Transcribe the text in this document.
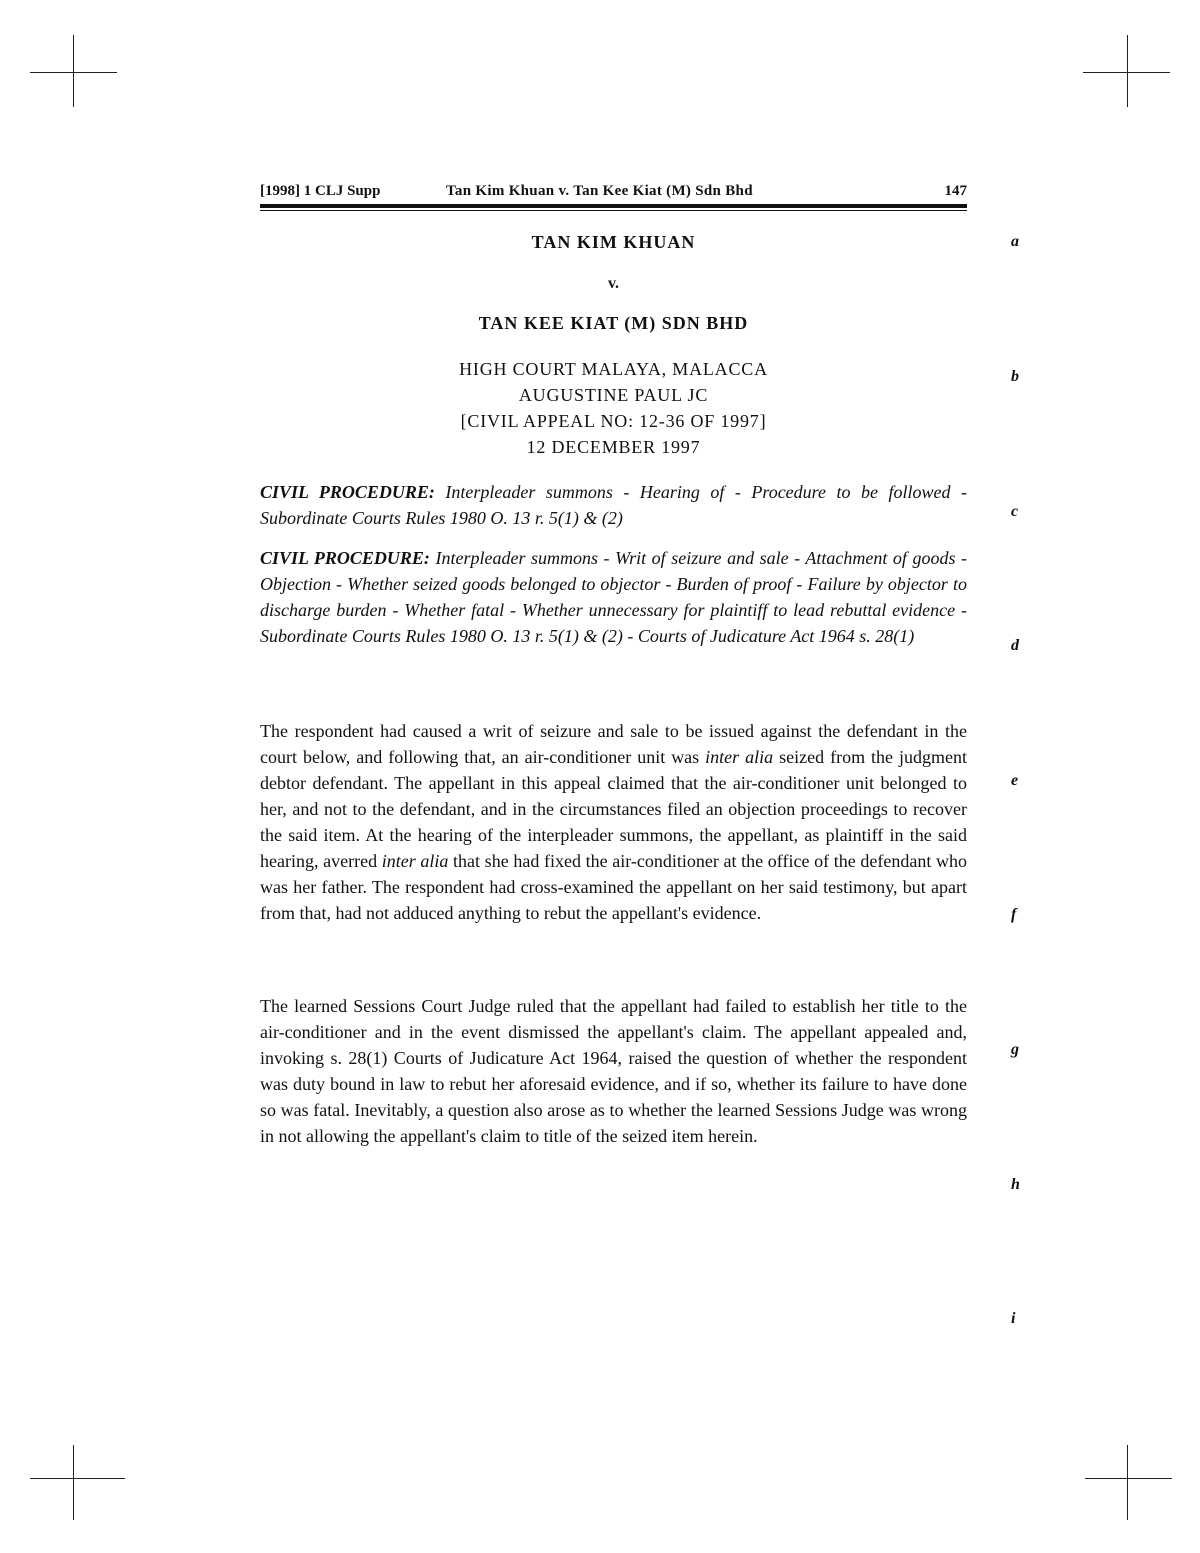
[1998] 1 CLJ Supp	Tan Kim Khuan v. Tan Kee Kiat (M) Sdn Bhd	147
TAN KIM KHUAN
v.
TAN KEE KIAT (M) SDN BHD
HIGH COURT MALAYA, MALACCA
AUGUSTINE PAUL JC
[CIVIL APPEAL NO: 12-36 OF 1997]
12 DECEMBER 1997
CIVIL PROCEDURE: Interpleader summons - Hearing of - Procedure to be followed - Subordinate Courts Rules 1980 O. 13 r. 5(1) & (2)
CIVIL PROCEDURE: Interpleader summons - Writ of seizure and sale - Attachment of goods - Objection - Whether seized goods belonged to objector - Burden of proof - Failure by objector to discharge burden - Whether fatal - Whether unnecessary for plaintiff to lead rebuttal evidence - Subordinate Courts Rules 1980 O. 13 r. 5(1) & (2) - Courts of Judicature Act 1964 s. 28(1)
The respondent had caused a writ of seizure and sale to be issued against the defendant in the court below, and following that, an air-conditioner unit was inter alia seized from the judgment debtor defendant. The appellant in this appeal claimed that the air-conditioner unit belonged to her, and not to the defendant, and in the circumstances filed an objection proceedings to recover the said item. At the hearing of the interpleader summons, the appellant, as plaintiff in the said hearing, averred inter alia that she had fixed the air-conditioner at the office of the defendant who was her father. The respondent had cross-examined the appellant on her said testimony, but apart from that, had not adduced anything to rebut the appellant's evidence.
The learned Sessions Court Judge ruled that the appellant had failed to establish her title to the air-conditioner and in the event dismissed the appellant's claim. The appellant appealed and, invoking s. 28(1) Courts of Judicature Act 1964, raised the question of whether the respondent was duty bound in law to rebut her aforesaid evidence, and if so, whether its failure to have done so was fatal. Inevitably, a question also arose as to whether the learned Sessions Judge was wrong in not allowing the appellant's claim to title of the seized item herein.
a
b
c
d
e
f
g
h
i
